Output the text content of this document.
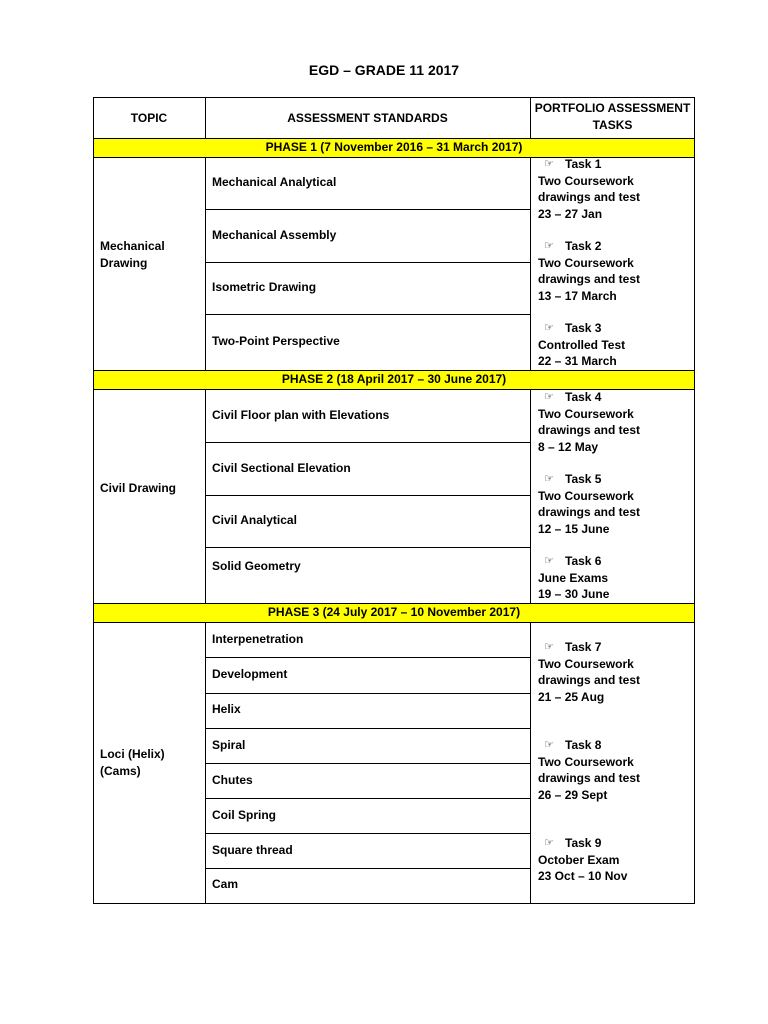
EGD – GRADE 11 2017
TOPIC	ASSESSMENT STANDARDS
PORTFOLIO ASSESSMENT
TASKS
PHASE 1 (7 November 2016 – 31 March 2017)
PHASE 2 (18 April 2017 – 30 June 2017)
PHASE 3 (24 July 2017 – 10 November 2017)
Mechanical
Drawing
Civil Drawing
Loci (Helix)
(Cams)
Mechanical Analytical
Mechanical Assembly
Isometric Drawing
Two-Point Perspective
Civil Floor plan with Elevations
Civil Sectional Elevation
Civil Analytical
Solid Geometry
Interpenetration
Development
Helix
Spiral
Chutes
Coil Spring
Square thread
Cam
☞ Task 1
Two Coursework
drawings and test
23 – 27 Jan
☞ Task 2
Two Coursework
drawings and test
13 – 17 March
☞ Task 3
Controlled Test
22 – 31 March
☞ Task 4
Two Coursework
drawings and test
8 – 12 May
☞ Task 5
Two Coursework
drawings and test
12 – 15 June
☞ Task 6
June Exams
19 – 30 June
☞ Task 7
Two Coursework
drawings and test
21 – 25 Aug
☞ Task 8
Two Coursework
drawings and test
26 – 29 Sept
☞ Task 9
October Exam
23 Oct – 10 Nov
